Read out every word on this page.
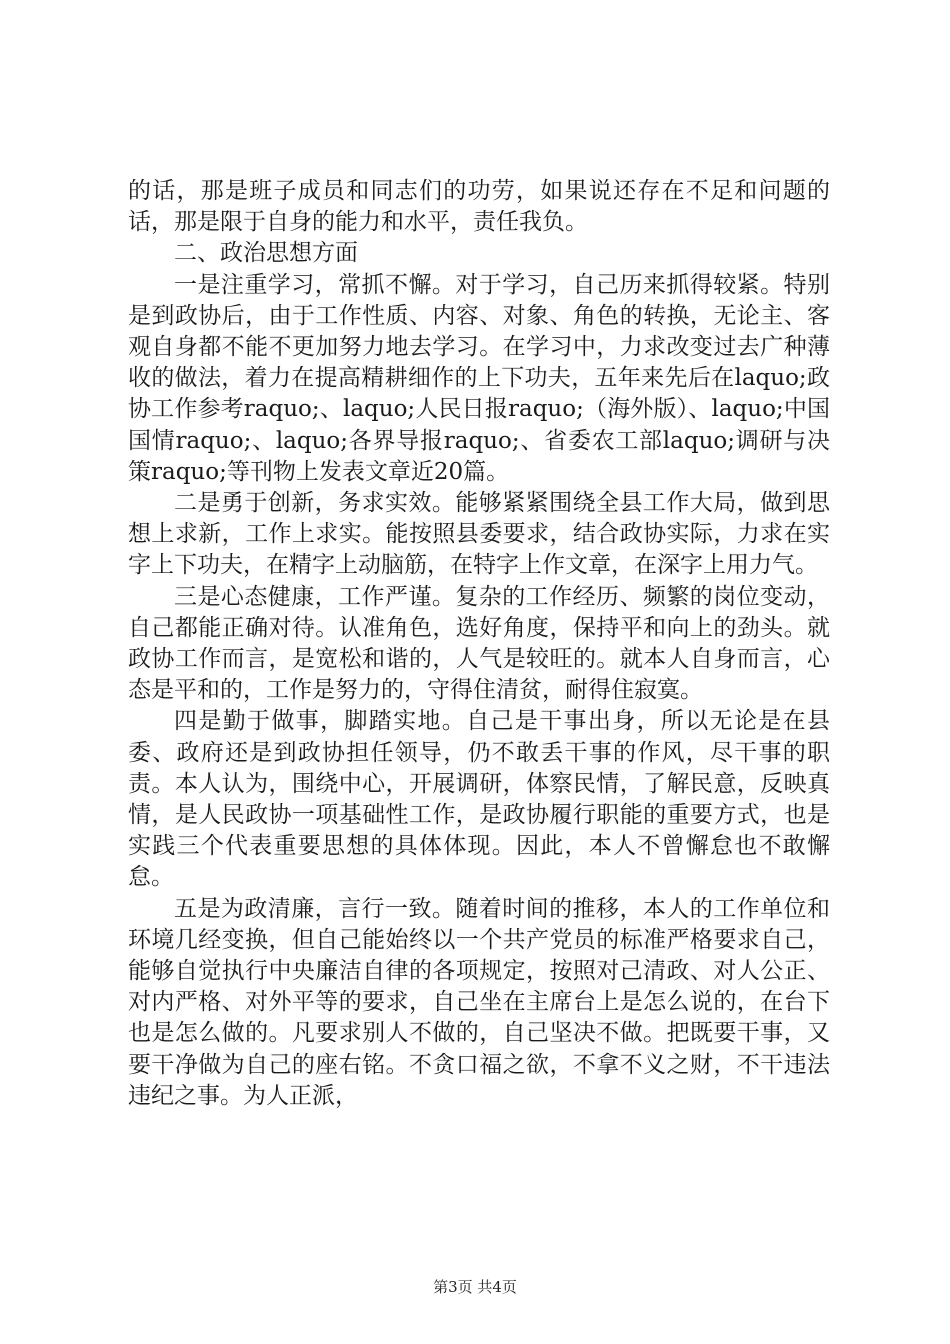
的话，那是班子成员和同志们的功劳，如果说还存在不足和问题的话，那是限于自身的能力和水平，责任我负。

二、政治思想方面

一是注重学习，常抓不懈。对于学习，自己历来抓得较紧。特别是到政协后，由于工作性质、内容、对象、角色的转换，无论主、客观自身都不能不更加努力地去学习。在学习中，力求改变过去广种薄收的做法，着力在提高精耕细作的上下功夫，五年来先后在laquo;政协工作参考raquo;、laquo;人民日报raquo;（海外版）、laquo;中国国情raquo;、laquo;各界导报raquo;、省委农工部laquo;调研与决策raquo;等刊物上发表文章近20篇。

二是勇于创新，务求实效。能够紧紧围绕全县工作大局，做到思想上求新，工作上求实。能按照县委要求，结合政协实际，力求在实字上下功夫，在精字上动脑筋，在特字上作文章，在深字上用力气。

三是心态健康，工作严谨。复杂的工作经历、频繁的岗位变动，自己都能正确对待。认准角色，选好角度，保持平和向上的劲头。就政协工作而言，是宽松和谐的，人气是较旺的。就本人自身而言，心态是平和的，工作是努力的，守得住清贫，耐得住寂寞。

四是勤于做事，脚踏实地。自己是干事出身，所以无论是在县委、政府还是到政协担任领导，仍不敢丢干事的作风，尽干事的职责。本人认为，围绕中心，开展调研，体察民情，了解民意，反映真情，是人民政协一项基础性工作，是政协履行职能的重要方式，也是实践三个代表重要思想的具体体现。因此，本人不曾懈怠也不敢懈怠。

五是为政清廉，言行一致。随着时间的推移，本人的工作单位和环境几经变换，但自己能始终以一个共产党员的标准严格要求自己，能够自觉执行中央廉洁自律的各项规定，按照对己清政、对人公正、对内严格、对外平等的要求，自己坐在主席台上是怎么说的，在台下也是怎么做的。凡要求别人不做的，自己坚决不做。把既要干事，又要干净做为自己的座右铭。不贪口福之欲，不拿不义之财，不干违法违纪之事。为人正派，

第3页 共4页
